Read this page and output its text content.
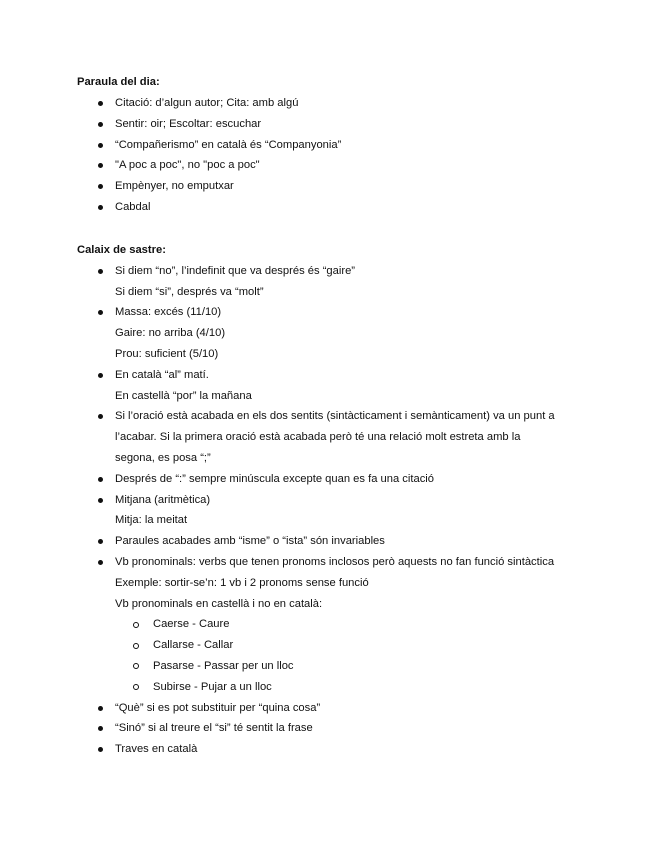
Paraula del dia:

Citació: d’algun autor; Cita: amb algú
Sentir: oir; Escoltar: escuchar
“Compañerismo” en català és “Companyonia”
"A poc a poc", no "poc a poc"
Empènyer, no emputxar
Cabdal

Calaix de sastre:

Si diem “no”, l’indefinit que va després és “gaire”
Si diem “si”, després va “molt”
Massa: excés (11/10)
Gaire: no arriba (4/10)
Prou: suficient (5/10)
En català “al” matí.
En castellà “por” la mañana
Si l’oració està acabada en els dos sentits (sintàcticament i semànticament) va un punt a
l’acabar. Si la primera oració està acabada però té una relació molt estreta amb la
segona, es posa “;”
Després de “:” sempre minúscula excepte quan es fa una citació
Mitjana (aritmètica)
Mitja: la meitat
Paraules acabades amb “isme” o “ista” són invariables
Vb pronominals: verbs que tenen pronoms inclosos però aquests no fan funció sintàctica
Exemple: sortir-se’n: 1 vb i 2 pronoms sense funció
Vb pronominals en castellà i no en català:
Caerse - Caure
Callarse - Callar
Pasarse - Passar per un lloc
Subirse - Pujar a un lloc
“Què” si es pot substituir per “quina cosa”
“Sinó” si al treure el “si” té sentit la frase
Traves en català
